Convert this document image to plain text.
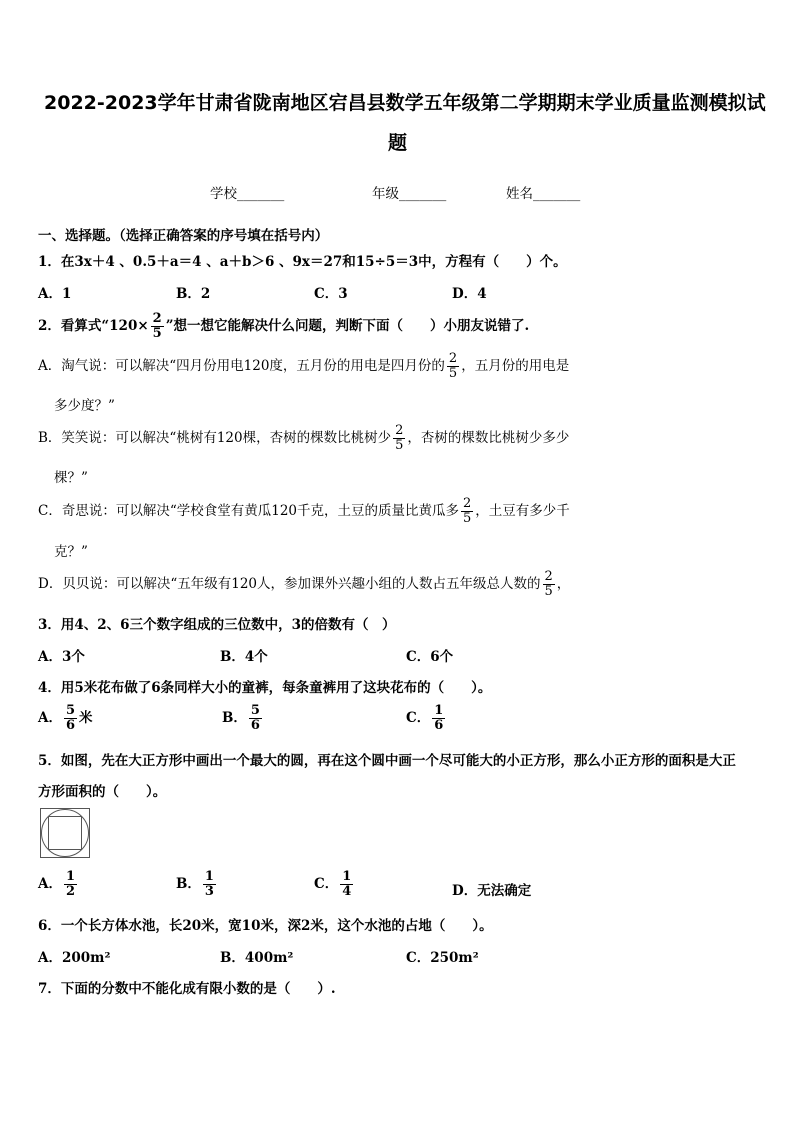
2022-2023学年甘肃省陇南地区宕昌县数学五年级第二学期期末学业质量监测模拟试
题
学校_______	年级_______	姓名_______
一、选择题。（选择正确答案的序号填在括号内）
1．在3x＋4 、0.5＋a＝4 、a＋b＞6 、9x＝27和15÷5＝3中，方程有（　　）个。
A．1	B．2	C．3	D．4
2．看算式“$120\times \frac{2}{5}$ ”想一想它能解决什么问题，判断下面（　　）小朋友说错了.
A．淘气说：可以解决“四月份用电120度，五月份的用电是四月份的 $\frac{2}{5}$ ，五月份的用电是
多少度？”
B．笑笑说：可以解决“桃树有120棵，杏树的棵数比桃树少 $\frac{2}{5}$ ，杏树的棵数比桃树少多少
棵？”
C．奇思说：可以解决“学校食堂有黄瓜120千克，土豆的质量比黄瓜多 $\frac{2}{5}$ ，土豆有多少千
克？”
D．贝贝说：可以解决“五年级有120人，参加课外兴趣小组的人数占五年级总人数的 $\frac{2}{5}$ ，
3．用4、2、6三个数字组成的三位数中，3的倍数有（　）
A．3个	B．4个	C．6个
4．用5米花布做了6条同样大小的童裤，每条童裤用了这块花布的（　　）。
A． $\frac{5}{6}$ 米	B． $\frac{5}{6}$	C． $\frac{1}{6}$
5．如图，先在大正方形中画出一个最大的圆，再在这个圆中画一个尽可能大的小正方形，那么小正方形的面积是大正
方形面积的（　　）。
A． $\frac{1}{2}$	B． $\frac{1}{3}$	C． $\frac{1}{4}$	D．无法确定
6．一个长方体水池，长20米，宽10米，深2米，这个水池的占地（　　）。
A．200m²	B．400m²	C．250m²
7．下面的分数中不能化成有限小数的是（　　）.
